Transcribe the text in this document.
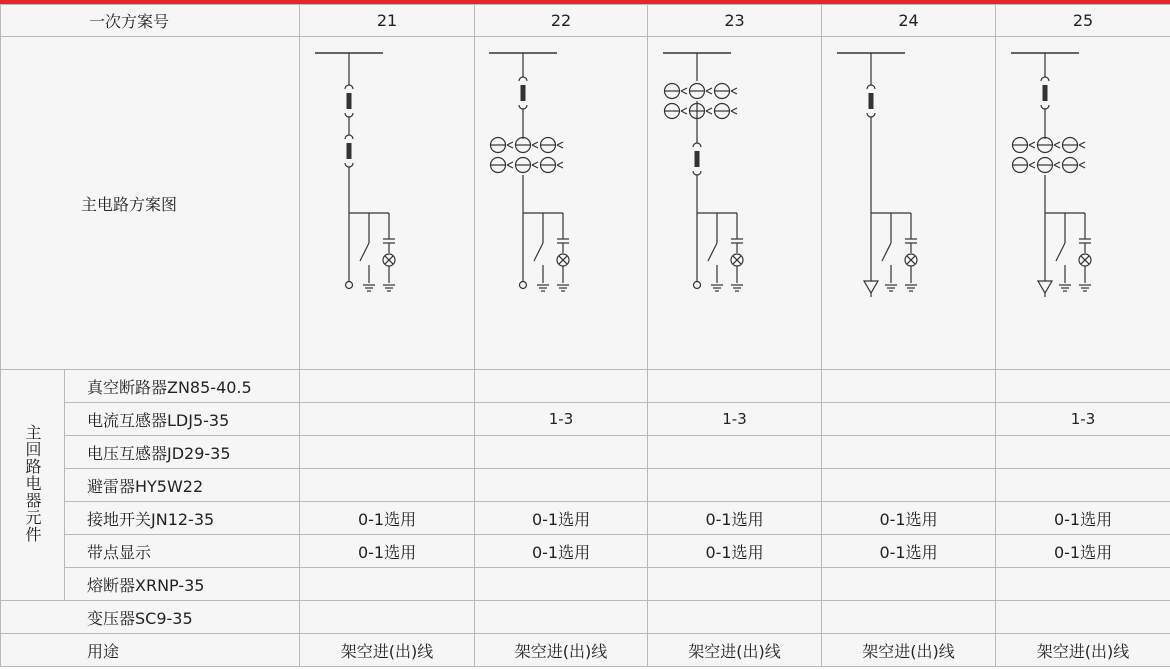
一次方案号		21	22	23	24	25
主电路方案图	

主回路电器元件	真空断路器ZN85-40.5					
	电流互感器LDJ5-35		1-3	1-3		1-3
	电压互感器JD29-35					
	避雷器HY5W22					
	接地开关JN12-35	0-1选用	0-1选用	0-1选用	0-1选用	0-1选用
	带点显示	0-1选用	0-1选用	0-1选用	0-1选用	0-1选用
	熔断器XRNP-35					
变压器SC9-35						
用途		架空进(出)线	架空进(出)线	架空进(出)线	架空进(出)线	架空进(出)线
